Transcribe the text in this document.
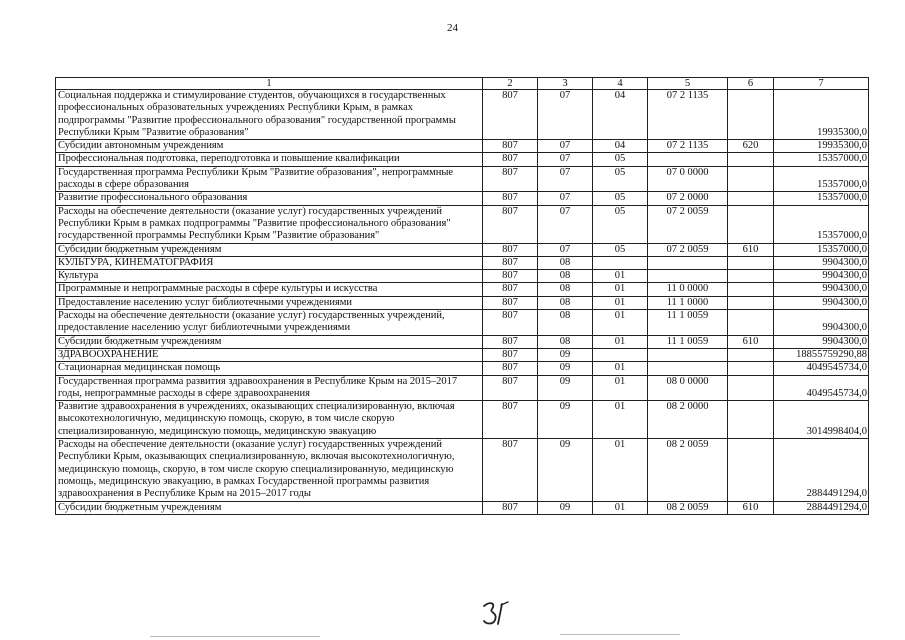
24
1	2	3	4	5	6	7
Социальная поддержка и стимулирование студентов, обучающихся в государственных профессиональных образовательных учреждениях Республики Крым, в рамках подпрограммы "Развитие профессионального образования" государственной программы Республики Крым "Развитие образования"	807	07	04	07 2 1135		19935300,0
Субсидии автономным учреждениям	807	07	04	07 2 1135	620	19935300,0
Профессиональная подготовка, переподготовка и повышение квалификации	807	07	05			15357000,0
Государственная программа Республики Крым "Развитие образования", непрограммные расходы в сфере образования	807	07	05	07 0 0000		15357000,0
Развитие профессионального образования	807	07	05	07 2 0000		15357000,0
Расходы на обеспечение деятельности (оказание услуг) государственных учреждений Республики Крым в рамках подпрограммы "Развитие профессионального образования" государственной программы Республики Крым "Развитие образования"	807	07	05	07 2 0059		15357000,0
Субсидии бюджетным учреждениям	807	07	05	07 2 0059	610	15357000,0
КУЛЬТУРА, КИНЕМАТОГРАФИЯ	807	08				9904300,0
Культура	807	08	01			9904300,0
Программные и непрограммные расходы в сфере культуры и искусства	807	08	01	11 0 0000		9904300,0
Предоставление населению услуг библиотечными учреждениями	807	08	01	11 1 0000		9904300,0
Расходы на обеспечение деятельности (оказание услуг) государственных учреждений, предоставление населению услуг библиотечными учреждениями	807	08	01	11 1 0059		9904300,0
Субсидии бюджетным учреждениям	807	08	01	11 1 0059	610	9904300,0
ЗДРАВООХРАНЕНИЕ	807	09				18855759290,88
Стационарная медицинская помощь	807	09	01			4049545734,0
Государственная программа развития здравоохранения в Республике Крым на 2015–2017 годы, непрограммные расходы в сфере здравоохранения	807	09	01	08 0 0000		4049545734,0
Развитие здравоохранения в учреждениях, оказывающих специализированную, включая высокотехнологичную, медицинскую помощь, скорую, в том числе скорую специализированную, медицинскую помощь, медицинскую эвакуацию	807	09	01	08 2 0000		3014998404,0
Расходы на обеспечение деятельности (оказание услуг) государственных учреждений Республики Крым, оказывающих специализированную, включая высокотехнологичную, медицинскую помощь, скорую, в том числе скорую специализированную, медицинскую помощь, медицинскую эвакуацию, в рамках Государственной программы развития здравоохранения в Республике Крым на 2015–2017 годы	807	09	01	08 2 0059		2884491294,0
Субсидии бюджетным учреждениям	807	09	01	08 2 0059	610	2884491294,0
